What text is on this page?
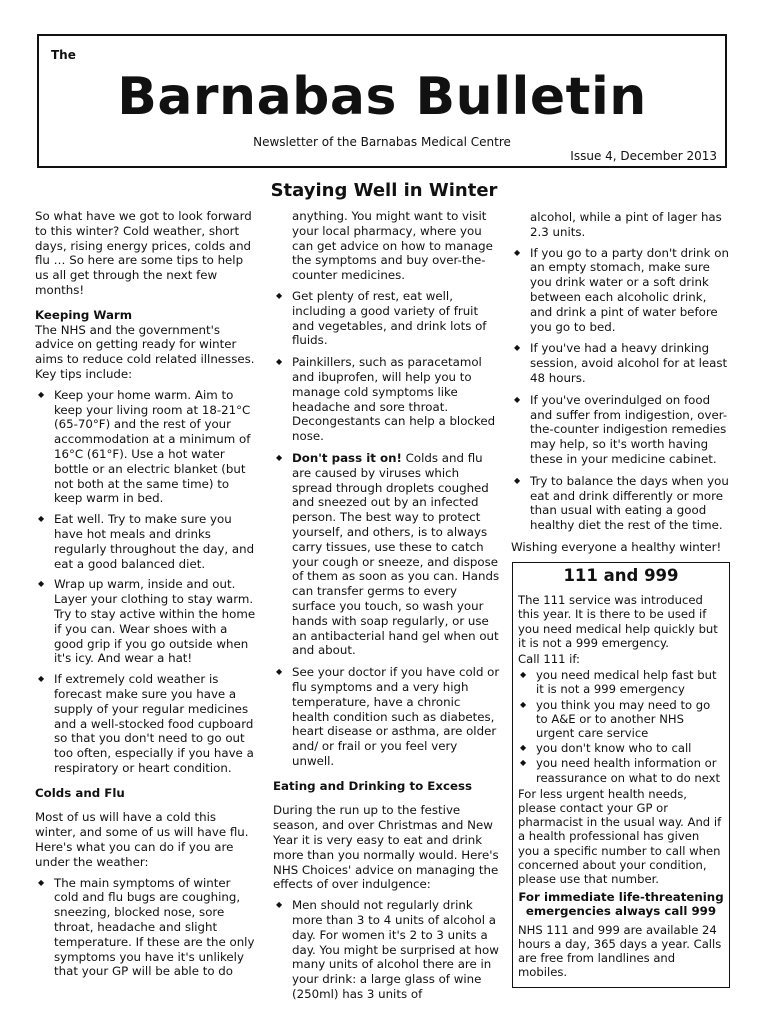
The
Barnabas Bulletin
Newsletter of the Barnabas Medical Centre
Issue 4, December 2013
Staying Well in Winter

So what have we got to look forward to this winter? Cold weather, short days, rising energy prices, colds and flu … So here are some tips to help us all get through the next few months!

Keeping Warm

The NHS and the government's advice on getting ready for winter aims to reduce cold related illnesses. Key tips include:

◆ Keep your home warm. Aim to keep your living room at 18-21°C (65-70°F) and the rest of your accommodation at a minimum of 16°C (61°F). Use a hot water bottle or an electric blanket (but not both at the same time) to keep warm in bed.
◆ Eat well. Try to make sure you have hot meals and drinks regularly throughout the day, and eat a good balanced diet.
◆ Wrap up warm, inside and out. Layer your clothing to stay warm. Try to stay active within the home if you can. Wear shoes with a good grip if you go outside when it's icy. And wear a hat!
◆ If extremely cold weather is forecast make sure you have a supply of your regular medicines and a well-stocked food cupboard so that you don't need to go out too often, especially if you have a respiratory or heart condition.
Colds and Flu

Most of us will have a cold this winter, and some of us will have flu. Here's what you can do if you are under the weather:

◆ The main symptoms of winter cold and flu bugs are coughing, sneezing, blocked nose, sore throat, headache and slight temperature. If these are the only symptoms you have it's unlikely that your GP will be able to do

anything. You might want to visit your local pharmacy, where you can get advice on how to manage the symptoms and buy over-the-counter medicines.

◆ Get plenty of rest, eat well, including a good variety of fruit and vegetables, and drink lots of fluids.
◆ Painkillers, such as paracetamol and ibuprofen, will help you to manage cold symptoms like headache and sore throat. Decongestants can help a blocked nose.
◆ Don't pass it on! Colds and flu are caused by viruses which spread through droplets coughed and sneezed out by an infected person. The best way to protect yourself, and others, is to always carry tissues, use these to catch your cough or sneeze, and dispose of them as soon as you can. Hands can transfer germs to every surface you touch, so wash your hands with soap regularly, or use an antibacterial hand gel when out and about.
◆ See your doctor if you have cold or flu symptoms and a very high temperature, have a chronic health condition such as diabetes, heart disease or asthma, are older and/ or frail or you feel very unwell.
Eating and Drinking to Excess

During the run up to the festive season, and over Christmas and New Year it is very easy to eat and drink more than you normally would. Here's NHS Choices' advice on managing the effects of over indulgence:

◆ Men should not regularly drink more than 3 to 4 units of alcohol a day. For women it's 2 to 3 units a day. You might be surprised at how many units of alcohol there are in your drink: a large glass of wine (250ml) has 3 units of

alcohol, while a pint of lager has 2.3 units.

◆ If you go to a party don't drink on an empty stomach, make sure you drink water or a soft drink between each alcoholic drink, and drink a pint of water before you go to bed.
◆ If you've had a heavy drinking session, avoid alcohol for at least 48 hours.
◆ If you've overindulged on food and suffer from indigestion, over-the-counter indigestion remedies may help, so it's worth having these in your medicine cabinet.
◆ Try to balance the days when you eat and drink differently or more than usual with eating a good healthy diet the rest of the time.

Wishing everyone a healthy winter!

111 and 999

The 111 service was introduced this year. It is there to be used if you need medical help quickly but it is not a 999 emergency.

Call 111 if:

◆ you need medical help fast but it is not a 999 emergency
◆ you think you may need to go to A&E or to another NHS urgent care service
◆ you don't know who to call
◆ you need health information or reassurance on what to do next

For less urgent health needs, please contact your GP or pharmacist in the usual way. And if a health professional has given you a specific number to call when concerned about your condition, please use that number.

For immediate life-threatening emergencies always call 999

NHS 111 and 999 are available 24 hours a day, 365 days a year. Calls are free from landlines and mobiles.
